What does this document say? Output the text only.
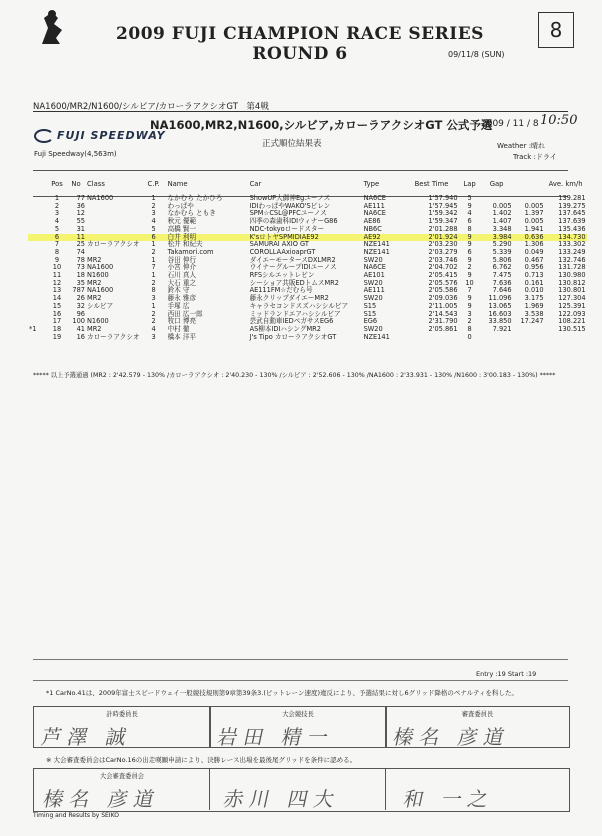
2009 FUJI CHAMPION RACE SERIES ROUND 6
8
09/11/8 (SUN)
NA1600/MR2/N1600/シルビア/カローラアクシオGT　第4戦
NA1600,MR2,N1600,シルビア,カローラアクシオGT 公式予選
2009 / 11 / 8 10:50
FUJI SPEEDWAY
Fuji Speedway(4,563m)
正式順位結果表	Weather :晴れ
Track :ドライ
	Pos	No	Class	C.P.	Name	Car	Type	Best Time	Lap	Gap		Ave. km/h
	1	77	NA1600	1	なかむら たかひろ	ShowUP大御神Egユーノス	NA6CE	1'57.940	5			139.281
	2	36		2	わっぱや	IDIわっぱやWAKO'Sビレン	AE111	1'57.945	9	0.005	0.005	139.275
	3	12		3	なかむら ともき	SPM☆CSL@PFCユーノス	NA6CE	1'59.342	4	1.402	1.397	137.645
	4	55		4	秋元 優範	四季の森歯科IDIウィナーG86	AE86	1'59.347	6	1.407	0.005	137.639
	5	31		5	高橋 賢一	NDC-tokyoロードスター	NB6C	2'01.288	8	3.348	1.941	135.436
	6	11		6	白井 利明	K'sロトヤSPMIDIAE92	AE92	2'01.924	9	3.984	0.636	134.730
	7	25	カローラアクシオ	1	松井 和紀夫	SAMURAI AXIO GT	NZE141	2'03.230	9	5.290	1.306	133.302
	8	74		2	Takamori.com	COROLLAAxioaprGT	NZE141	2'03.279	6	5.339	0.049	133.249
	9	78	MR2	1	谷田 伸行	ダイエーモータースDXLMR2	SW20	2'03.746	9	5.806	0.467	132.746
	10	73	NA1600	7	小宮 伸介	ウイナーグループIDIユーノス	NA6CE	2'04.702	2	6.762	0.956	131.728
	11	18	N1600	1	石川 真人	RFSシルエットレビン	AE101	2'05.415	9	7.475	0.713	130.980
	12	35	MR2	2	大石 重之	シーショア共販EDトムスMR2	SW20	2'05.576	10	7.636	0.161	130.812
	13	787	NA1600	8	鈴木 守	AE111FM☆だむら号	AE111	2'05.586	7	7.646	0.010	130.801
	14	26	MR2	3	藤永 雅彦	藤永クリップダイエーMR2	SW20	2'09.036	9	11.096	3.175	127.304
	15	32	シルビア	1	手塚 広	キャラセコンドスズハシシルビア	S15	2'11.005	9	13.065	1.969	125.391
	16	96		2	西田 広一郎	ミッドランドエアハシシルビア	S15	2'14.543	3	16.603	3.538	122.093
	17	100	N1600	2	牧口 博亮	芸武自動車IEDペガサスEG6	EG6	2'31.790	2	33.850	17.247	108.221
*1	18	41	MR2	4	中村 徹	AS柳本IDIハシングMR2	SW20	2'05.861	8	7.921		130.515
	19	16	カローラアクシオ	3	橋本 洋平	J's Tipo カローラアクシオGT	NZE141		0			
***** 以上予選通過 (MR2 : 2'42.579 - 130% /カローラアクシオ : 2'40.230 - 130% /シルビア : 2'52.606 - 130% /NA1600 : 2'33.931 - 130% /N1600 : 3'00.183 - 130%) *****
Entry :19 Start :19
*1 CarNo.41は、2009年富士スピードウェイ一般競技規則第9章第39条3.(ピットレーン速度)違反により、予選結果に対し6グリッド降格のペナルティを科した。
計時委員長
芦澤 誠
大会競技長
岩田 精一
審査委員長
榛名 彦道
※ 大会審査委員会はCarNo.16の出走嘆願申請により、決勝レース出場を最後尾グリッドを条件に認める。
大会審査委員会
榛名 彦道	赤川 四大	和 一之
Timing and Results by SEIKO
